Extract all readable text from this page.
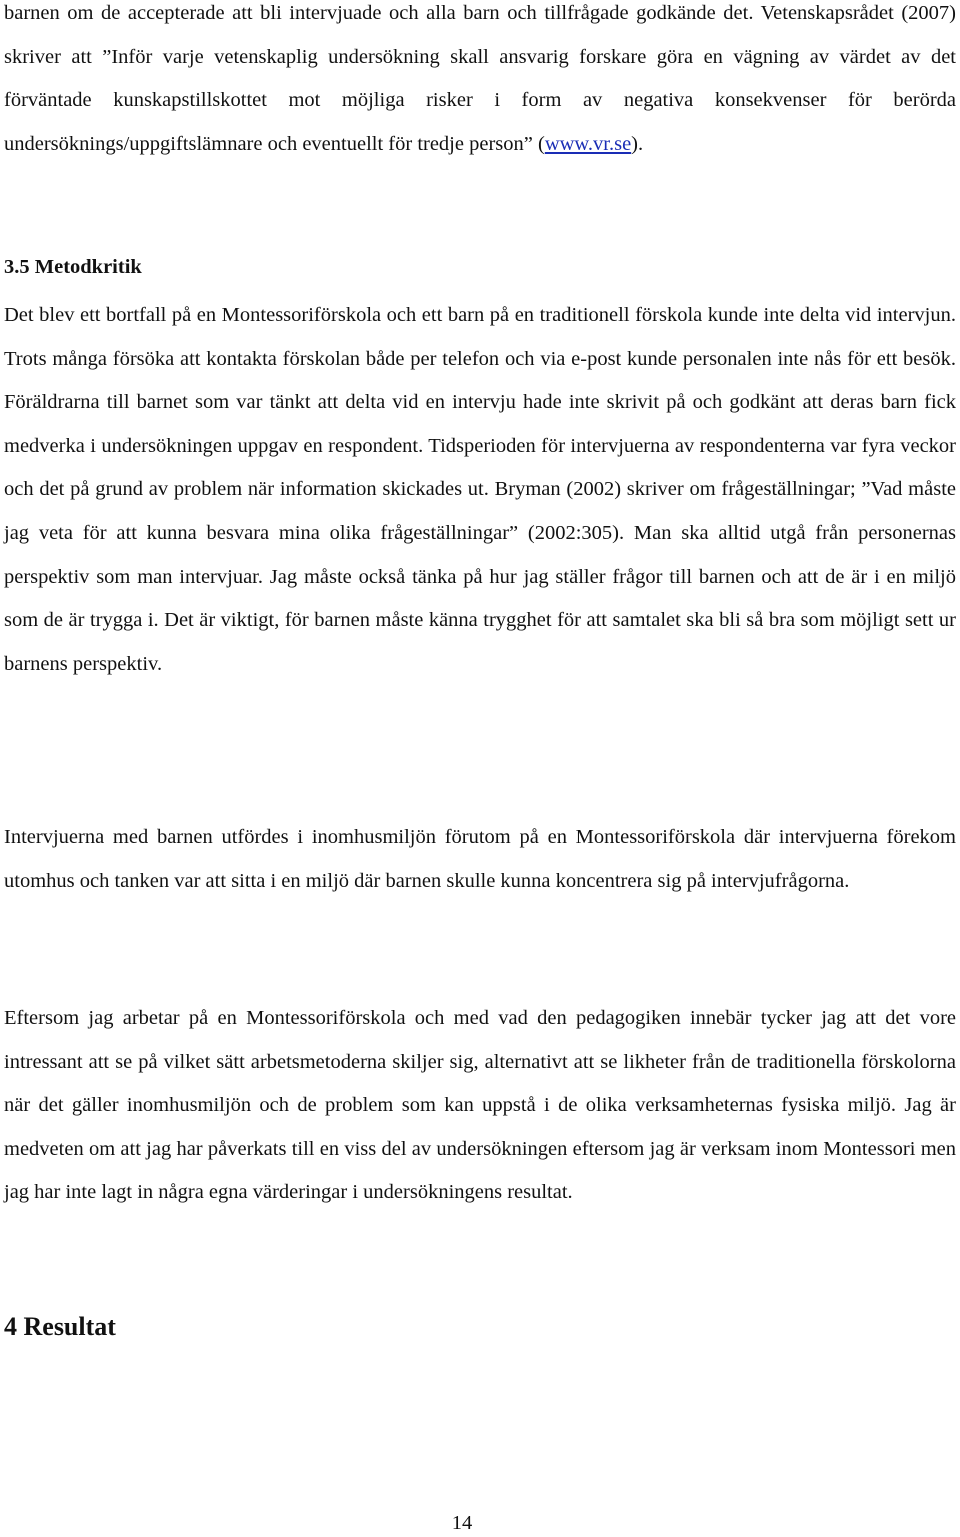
barnen om de accepterade att bli intervjuade och alla barn och tillfrågade godkände det. Vetenskapsrådet (2007) skriver att ”Inför varje vetenskaplig undersökning skall ansvarig forskare göra en vägning av värdet av det förväntade kunskapstillskottet mot möjliga risker i form av negativa konsekvenser för berörda undersöknings/uppgiftslämnare och eventuellt för tredje person” (www.vr.se).

3.5 Metodkritik

Det blev ett bortfall på en Montessoriförskola och ett barn på en traditionell förskola kunde inte delta vid intervjun. Trots många försöka att kontakta förskolan både per telefon och via e-post kunde personalen inte nås för ett besök. Föräldrarna till barnet som var tänkt att delta vid en intervju hade inte skrivit på och godkänt att deras barn fick medverka i undersökningen uppgav en respondent. Tidsperioden för intervjuerna av respondenterna var fyra veckor och det på grund av problem när information skickades ut. Bryman (2002) skriver om frågeställningar; ”Vad måste jag veta för att kunna besvara mina olika frågeställningar” (2002:305). Man ska alltid utgå från personernas perspektiv som man intervjuar. Jag måste också tänka på hur jag ställer frågor till barnen och att de är i en miljö som de är trygga i. Det är viktigt, för barnen måste känna trygghet för att samtalet ska bli så bra som möjligt sett ur barnens perspektiv.

Intervjuerna med barnen utfördes i inomhusmiljön förutom på en Montessoriförskola där intervjuerna förekom utomhus och tanken var att sitta i en miljö där barnen skulle kunna koncentrera sig på intervjufrågorna.

Eftersom jag arbetar på en Montessoriförskola och med vad den pedagogiken innebär tycker jag att det vore intressant att se på vilket sätt arbetsmetoderna skiljer sig, alternativt att se likheter från de traditionella förskolorna när det gäller inomhusmiljön och de problem som kan uppstå i de olika verksamheternas fysiska miljö. Jag är medveten om att jag har påverkats till en viss del av undersökningen eftersom jag är verksam inom Montessori men jag har inte lagt in några egna värderingar i undersökningens resultat.

4 Resultat
14
